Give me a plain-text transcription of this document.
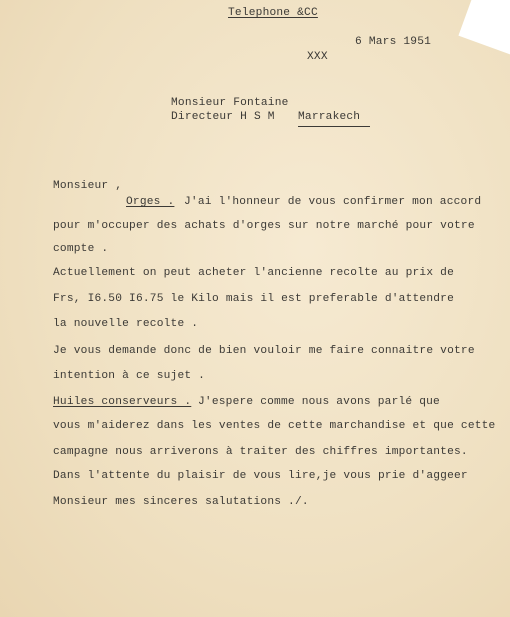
Telephone &CC
6 Mars 1951
XXX
Monsieur Fontaine
Directeur H S M Marrakech
Monsieur ,
Orges . J'ai l'honneur de vous confirmer mon accord
pour m'occuper des achats d'orges sur notre marché pour votre
compte .
Actuellement on peut acheter l'ancienne recolte au prix de
Frs, I6.50 I6.75 le Kilo mais il est preferable d'attendre
la nouvelle recolte .
Je vous demande donc de bien vouloir me faire connaitre votre
intention à ce sujet .
Huiles conserveurs . J'espere comme nous avons parlé que
vous m'aiderez dans les ventes de cette marchandise et que cette
campagne nous arriverons à traiter des chiffres importantes.
Dans l'attente du plaisir de vous lire,je vous prie d'aggeer
Monsieur mes sinceres salutations ./.
